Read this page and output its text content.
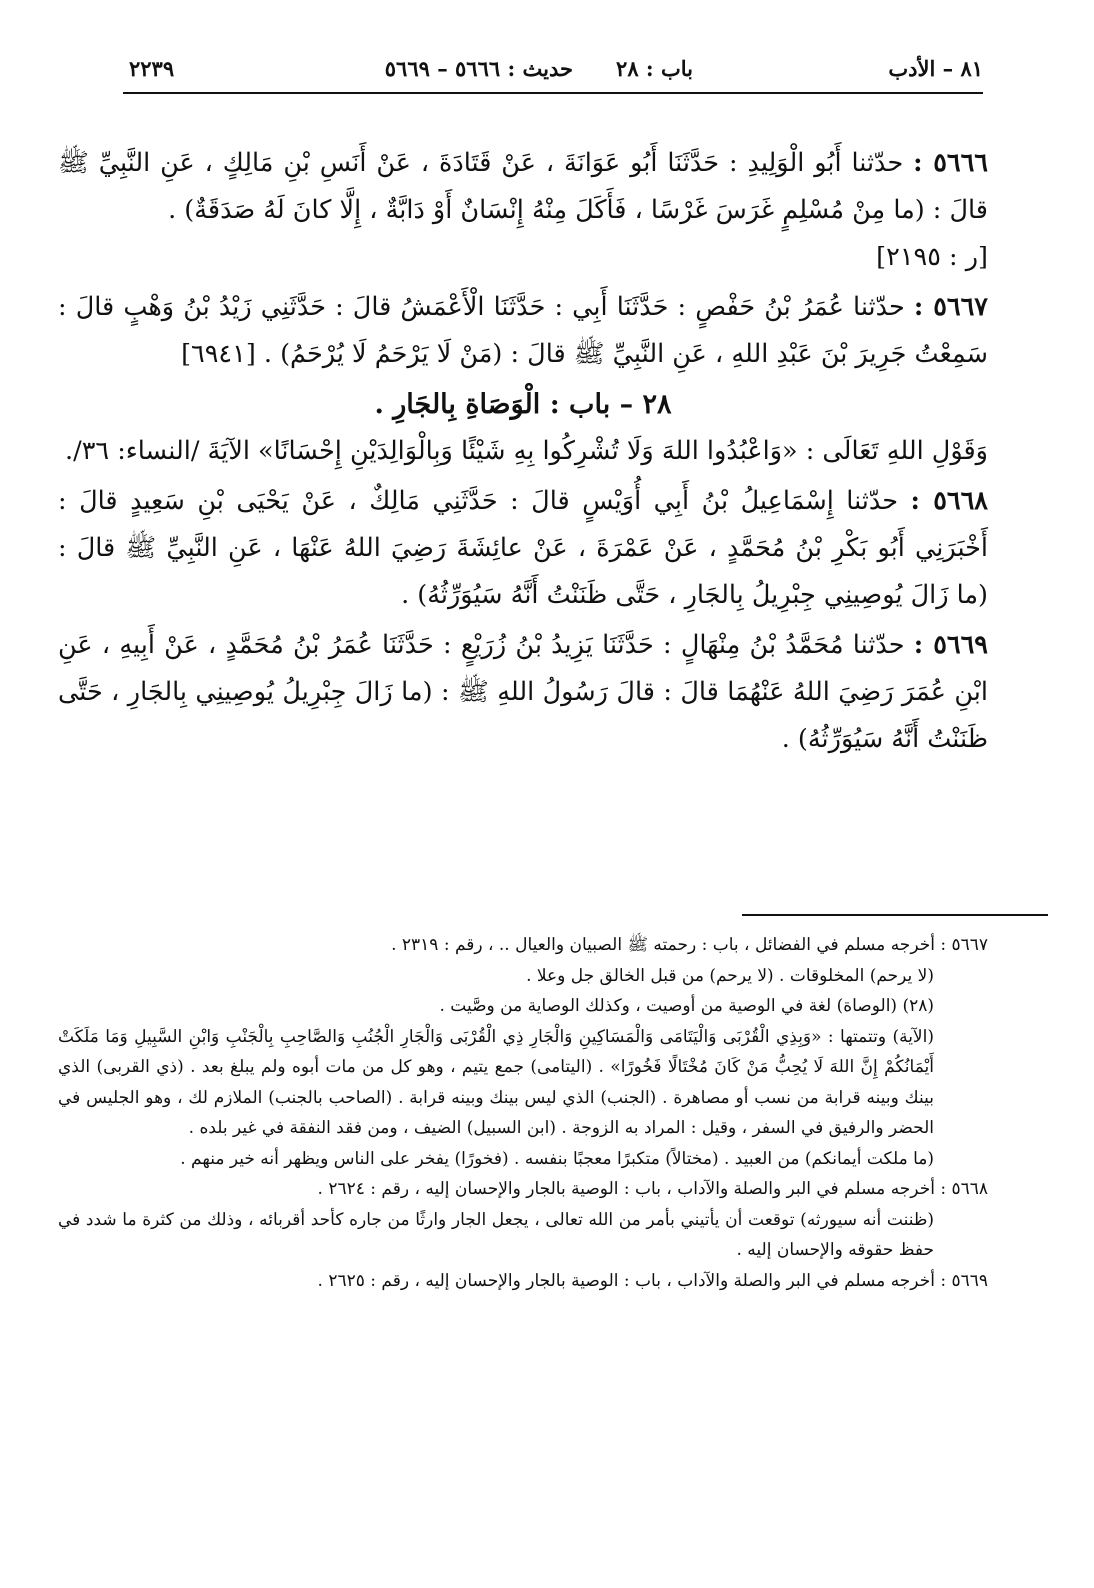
٨١ – الأدب
باب : ٢٨
حديث : ٥٦٦٦ – ٥٦٦٩
٢٢٣٩

٥٦٦٦ : حدّثنا أَبُو الْوَلِيدِ : حَدَّثَنَا أَبُو عَوَانَةَ ، عَنْ قَتَادَةَ ، عَنْ أَنَسِ بْنِ مَالِكٍ ، عَنِ النَّبِيِّ ﷺ قالَ : (ما مِنْ مُسْلِمٍ غَرَسَ غَرْسًا ، فَأَكَلَ مِنْهُ إِنْسَانٌ أَوْ دَابَّةٌ ، إِلَّا كانَ لَهُ صَدَقَةٌ) .
[ر : ٢١٩٥]

٥٦٦٧ : حدّثنا عُمَرُ بْنُ حَفْصٍ : حَدَّثَنَا أَبِي : حَدَّثَنَا الْأَعْمَشُ قالَ : حَدَّثَنِي زَيْدُ بْنُ وَهْبٍ قالَ : سَمِعْتُ جَرِيرَ بْنَ عَبْدِ اللهِ ، عَنِ النَّبِيِّ ﷺ قالَ : (مَنْ لَا يَرْحَمُ لَا يُرْحَمُ) . [٦٩٤١]

٢٨ – باب : الْوَصَاةِ بِالجَارِ .

وَقَوْلِ اللهِ تَعَالَى : «وَاعْبُدُوا اللهَ وَلَا تُشْرِكُوا بِهِ شَيْئًا وَبِالْوَالِدَيْنِ إِحْسَانًا» الآيَةَ /النساء: ٣٦/.

٥٦٦٨ : حدّثنا إِسْمَاعِيلُ بْنُ أَبِي أُوَيْسٍ قالَ : حَدَّثَنِي مَالِكٌ ، عَنْ يَحْيَى بْنِ سَعِيدٍ قالَ : أَخْبَرَنِي أَبُو بَكْرِ بْنُ مُحَمَّدٍ ، عَنْ عَمْرَةَ ، عَنْ عائِشَةَ رَضِيَ اللهُ عَنْهَا ، عَنِ النَّبِيِّ ﷺ قالَ : (ما زَالَ يُوصِينِي جِبْرِيلُ بِالجَارِ ، حَتَّى ظَنَنْتُ أَنَّهُ سَيُوَرِّثُهُ) .

٥٦٦٩ : حدّثنا مُحَمَّدُ بْنُ مِنْهَالٍ : حَدَّثَنَا يَزِيدُ بْنُ زُرَيْعٍ : حَدَّثَنَا عُمَرُ بْنُ مُحَمَّدٍ ، عَنْ أَبِيهِ ، عَنِ ابْنِ عُمَرَ رَضِيَ اللهُ عَنْهُمَا قالَ : قالَ رَسُولُ اللهِ ﷺ : (ما زَالَ جِبْرِيلُ يُوصِينِي بِالجَارِ ، حَتَّى ظَنَنْتُ أَنَّهُ سَيُوَرِّثُهُ) .

٥٦٦٧ : أخرجه مسلم في الفضائل ، باب : رحمته ﷺ الصبيان والعيال .. ، رقم : ٢٣١٩ .

(لا يرحم) المخلوقات . (لا يرحم) من قبل الخالق جل وعلا .

(٢٨) (الوصاة) لغة في الوصية من أوصيت ، وكذلك الوصاية من وصَّيت .

(الآية) وتتمتها : «وَبِذِي الْقُرْبَى وَالْيَتَامَى وَالْمَسَاكِينِ وَالْجَارِ ذِي الْقُرْبَى وَالْجَارِ الْجُنُبِ وَالصَّاحِبِ بِالْجَنْبِ وَابْنِ السَّبِيلِ وَمَا مَلَكَتْ أَيْمَانُكُمْ إِنَّ اللهَ لَا يُحِبُّ مَنْ كَانَ مُخْتَالًا فَخُورًا» . (اليتامى) جمع يتيم ، وهو كل من مات أبوه ولم يبلغ بعد . (ذي القربى) الذي بينك وبينه قرابة من نسب أو مصاهرة . (الجنب) الذي ليس بينك وبينه قرابة . (الصاحب بالجنب) الملازم لك ، وهو الجليس في الحضر والرفيق في السفر ، وقيل : المراد به الزوجة . (ابن السبيل) الضيف ، ومن فقد النفقة في غير بلده .

(ما ملكت أيمانكم) من العبيد . (مختالاً) متكبرًا معجبًا بنفسه . (فخورًا) يفخر على الناس ويظهر أنه خير منهم .

٥٦٦٨ : أخرجه مسلم في البر والصلة والآداب ، باب : الوصية بالجار والإحسان إليه ، رقم : ٢٦٢٤ .

(ظننت أنه سيورثه) توقعت أن يأتيني بأمر من الله تعالى ، يجعل الجار وارثًا من جاره كأحد أقربائه ، وذلك من كثرة ما شدد في حفظ حقوقه والإحسان إليه .

٥٦٦٩ : أخرجه مسلم في البر والصلة والآداب ، باب : الوصية بالجار والإحسان إليه ، رقم : ٢٦٢٥ .
